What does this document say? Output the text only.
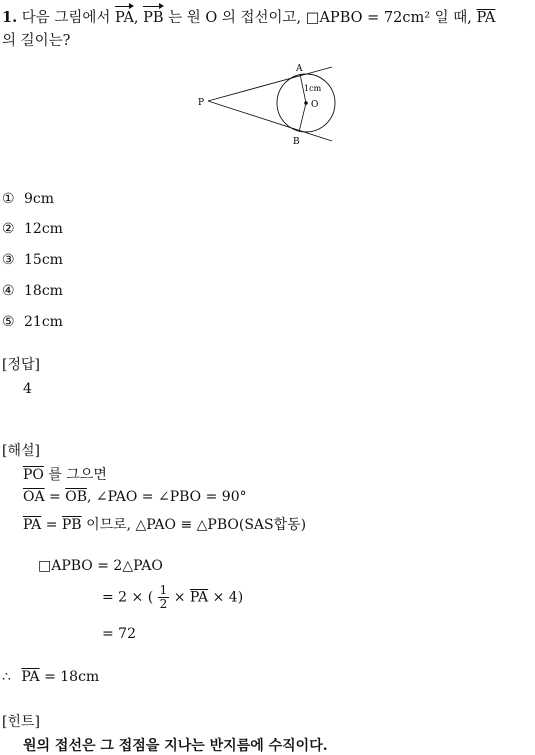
1. 다음 그림에서 PA, PB 는 원 O 의 접선이고, □APBO = 72cm² 일 때, $\overline{PA}$
의 길이는?
P
A
B
O
1cm
① 9cm
② 12cm
③ 15cm
④ 18cm
⑤ 21cm
[정답]
4
[해설]
$\overline{PO}$ 를 그으면
$\overline{OA} = \overline{OB}$, ∠PAO = ∠PBO = 90°
$\overline{PA} = \overline{PB}$ 이므로, △PAO ≡ △PBO(SAS합동)
□APBO = 2△PAO
= 2 × ( $\frac{1}{2} \times \overline{PA} \times 4$)
= 72
∴ $\overline{PA} = 18cm$
[힌트]
원의 접선은 그 접점을 지나는 반지름에 수직이다.
